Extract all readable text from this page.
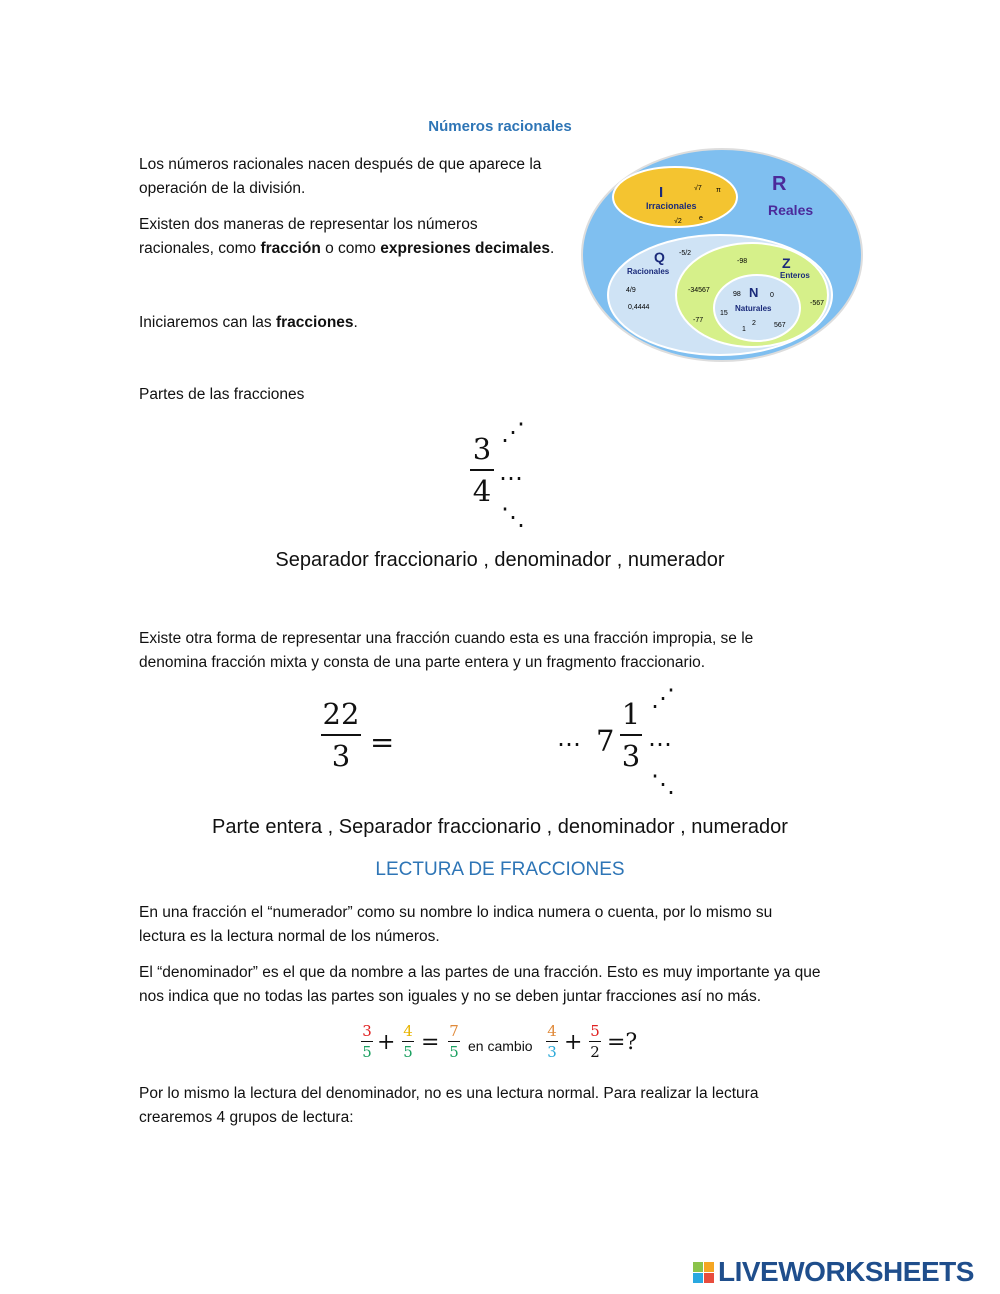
Números racionales
Los números racionales nacen después de que aparece la
operación de la división.
Existen dos maneras de representar los números
racionales, como fracción o como expresiones decimales.
Iniciaremos can las fracciones.
R
Reales
I
Irracionales
√7 π
√2 e
Q
Racionales
-5/2
4/9
0,4444
Z
Enteros
-98
-34567
-77
-567
N
Naturales
98	0
15
1
2	567
Partes de las fracciones
3
4
⋰
⋯
⋱
Separador fraccionario , denominador , numerador
Existe otra forma de representar una fracción cuando esta es una fracción impropia, se le
denomina fracción mixta y consta de una parte entera y un fragmento fraccionario.
22
3 =	⋯ 7
1
3
⋰
⋯
⋱
Parte entera , Separador fraccionario , denominador , numerador
LECTURA DE FRACCIONES
En una fracción el “numerador” como su nombre lo indica numera o cuenta, por lo mismo su
lectura es la lectura normal de los números.
El “denominador” es el que da nombre a las partes de una fracción. Esto es muy importante ya que
nos indica que no todas las partes son iguales y no se deben juntar fracciones así no más.
3
5 + 4
5 = 7
5 en cambio
4
3 + 5
2 =?
Por lo mismo la lectura del denominador, no es una lectura normal. Para realizar la lectura
crearemos 4 grupos de lectura:
LIVEWORKSHEETS
